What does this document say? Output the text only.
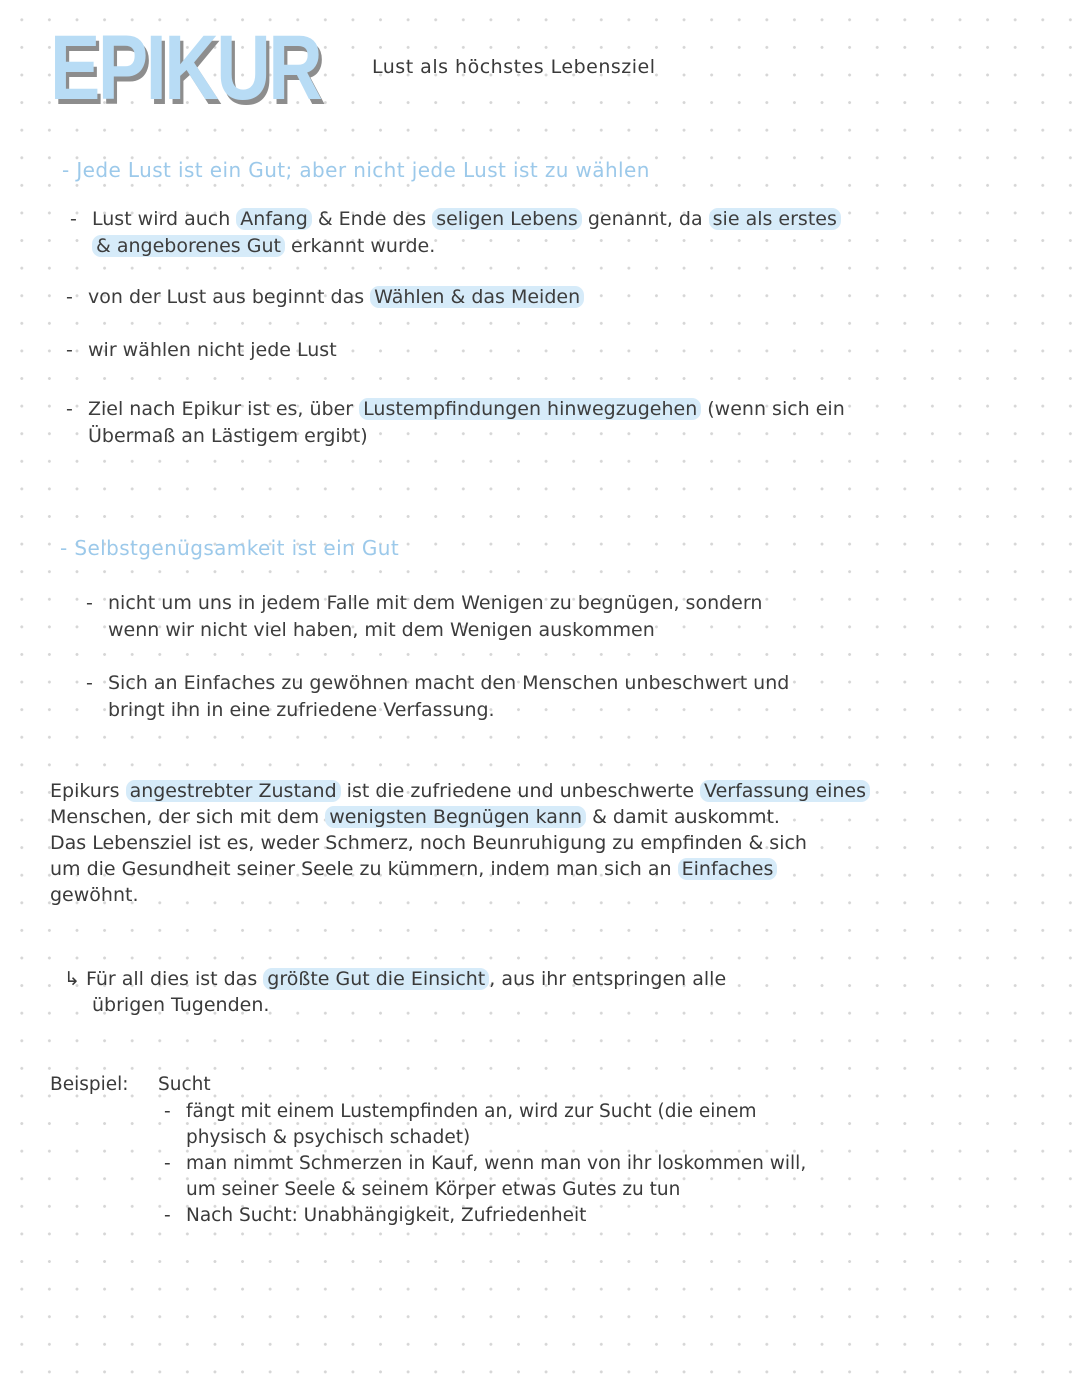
EPIKUR	Lust als höchstes Lebensziel
- Jede Lust ist ein Gut; aber nicht jede Lust ist zu wählen
- Lust wird auch Anfang & Ende des seligen Lebens genannt, da sie als erstes
& angeborenes Gut erkannt wurde.
- von der Lust aus beginnt das Wählen & das Meiden
- wir wählen nicht jede Lust
- Ziel nach Epikur ist es, über Lustempfindungen hinwegzugehen (wenn sich ein
Übermaß an Lästigem ergibt)
- Selbstgenügsamkeit ist ein Gut
- nicht um uns in jedem Falle mit dem Wenigen zu begnügen, sondern
wenn wir nicht viel haben, mit dem Wenigen auskommen
- Sich an Einfaches zu gewöhnen macht den Menschen unbeschwert und
bringt ihn in eine zufriedene Verfassung.
Epikurs angestrebter Zustand ist die zufriedene und unbeschwerte Verfassung eines
Menschen, der sich mit dem wenigsten Begnügen kann & damit auskommt.
Das Lebensziel ist es, weder Schmerz, noch Beunruhigung zu empfinden & sich
um die Gesundheit seiner Seele zu kümmern, indem man sich an Einfaches
gewöhnt.
↳ Für all dies ist das größte Gut die Einsicht , aus ihr entspringen alle
übrigen Tugenden.
Beispiel: Sucht
- fängt mit einem Lustempfinden an, wird zur Sucht (die einem
physisch & psychisch schadet)
- man nimmt Schmerzen in Kauf, wenn man von ihr loskommen will,
um seiner Seele & seinem Körper etwas Gutes zu tun
- Nach Sucht: Unabhängigkeit, Zufriedenheit
